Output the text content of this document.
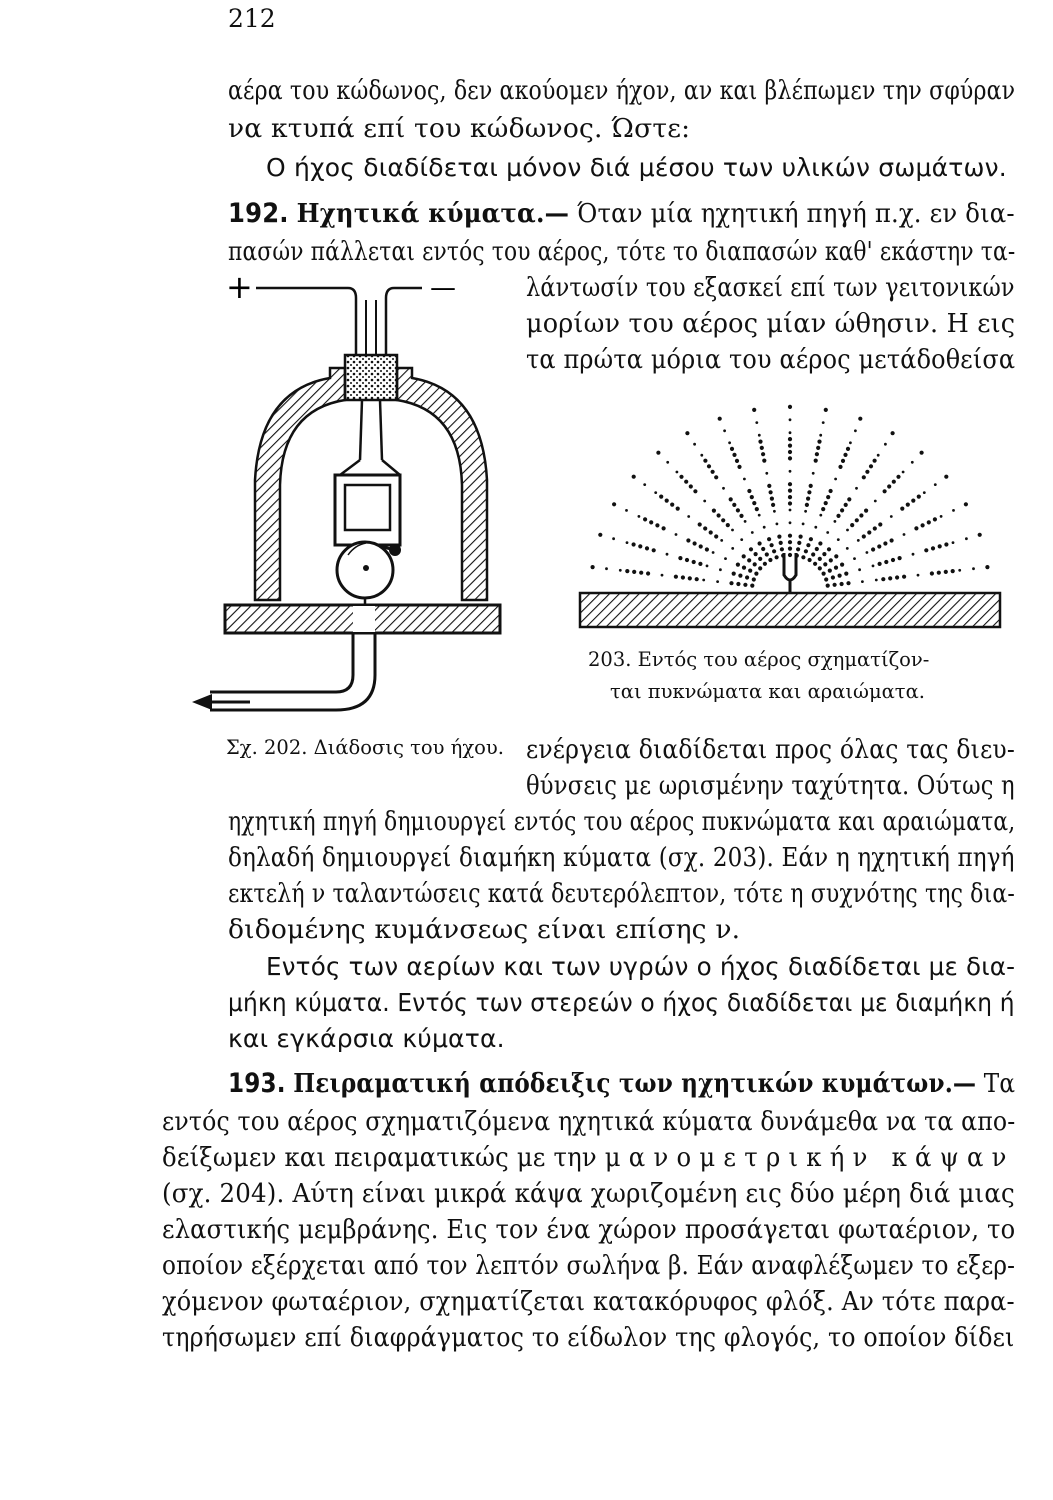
212
αέρα του κώδωνος, δεν ακούομεν ήχον, αν και βλέπωμεν την σφύραν
να κτυπά επί του κώδωνος. Ώστε:
Ο ήχος διαδίδεται μόνον διά μέσου των υλικών σωμάτων.
192. Ηχητικά κύματα.— Όταν μία ηχητική πηγή π.χ. εν δια-
πασών πάλλεται εντός του αέρος, τότε το διαπασών καθ' εκάστην τα-
λάντωσίν του εξασκεί επί των γειτονικών
μορίων του αέρος μίαν ώθησιν. Η εις
τα πρώτα μόρια του αέρος μετάδοθείσα
+	—
Σχ. 202. Διάδοσις του ήχου.
203. Εντός του αέρος σχηματίζον-
ται πυκνώματα και αραιώματα.
ενέργεια διαδίδεται προς όλας τας διευ-
θύνσεις με ωρισμένην ταχύτητα. Ούτως η
ηχητική πηγή δημιουργεί εντός του αέρος πυκνώματα και αραιώματα,
δηλαδή δημιουργεί διαμήκη κύματα (σχ. 203). Εάν η ηχητική πηγή
εκτελή ν ταλαντώσεις κατά δευτερόλεπτον, τότε η συχνότης της δια-
διδομένης κυμάνσεως είναι επίσης ν.
Εντός των αερίων και των υγρών ο ήχος διαδίδεται με δια-
μήκη κύματα. Εντός των στερεών ο ήχος διαδίδεται με διαμήκη ή
και εγκάρσια κύματα.
193. Πειραματική απόδειξις των ηχητικών κυμάτων.— Τα
εντός του αέρος σχηματιζόμενα ηχητικά κύματα δυνάμεθα να τα απο-
δείξωμεν και πειραματικώς με την μανομετρικήν κάψαν
(σχ. 204). Αύτη είναι μικρά κάψα χωριζομένη εις δύο μέρη διά μιας
ελαστικής μεμβράνης. Εις τον ένα χώρον προσάγεται φωταέριον, το
οποίον εξέρχεται από τον λεπτόν σωλήνα β. Εάν αναφλέξωμεν το εξερ-
χόμενον φωταέριον, σχηματίζεται κατακόρυφος φλόξ. Αν τότε παρα-
τηρήσωμεν επί διαφράγματος το είδωλον της φλογός, το οποίον δίδει
